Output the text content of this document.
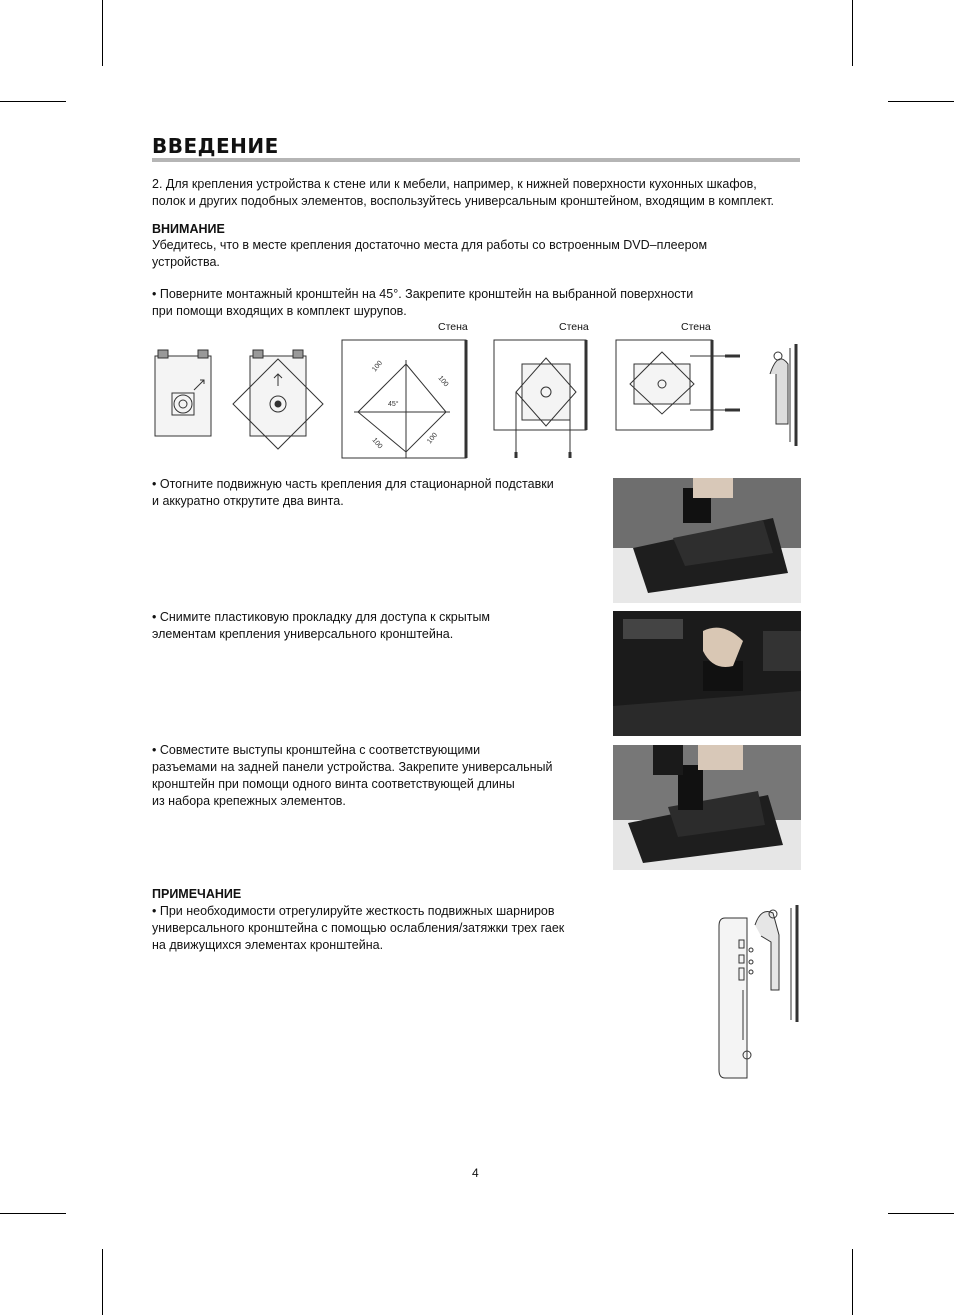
ВВЕДЕНИЕ
2. Для крепления устройства к стене или к мебели, например, к нижней поверхности кухонных шкафов,
полок и других подобных элементов, воспользуйтесь универсальным кронштейном, входящим в комплект.
ВНИМАНИЕ
Убедитесь, что в месте крепления достаточно места для работы со встроенным DVD–плеером
устройства.
• Поверните монтажный кронштейн на 45°. Закрепите кронштейн на выбранной поверхности
при помощи входящих в комплект шурупов.
Стена	Стена	Стена
100
100
100	100
45°
• Отогните подвижную часть крепления для стационарной подставки
и аккуратно открутите два винта.
• Снимите пластиковую прокладку для доступа к скрытым
элементам крепления универсального кронштейна.
• Совместите выступы кронштейна с соответствующими
разъемами на задней панели устройства. Закрепите универсальный
кронштейн при помощи одного винта соответствующей длины
из набора крепежных элементов.
ПРИМЕЧАНИЕ
• При необходимости отрегулируйте жесткость подвижных шарниров
универсального кронштейна с помощью ослабления/затяжки трех гаек
на движущихся элементах кронштейна.
4
